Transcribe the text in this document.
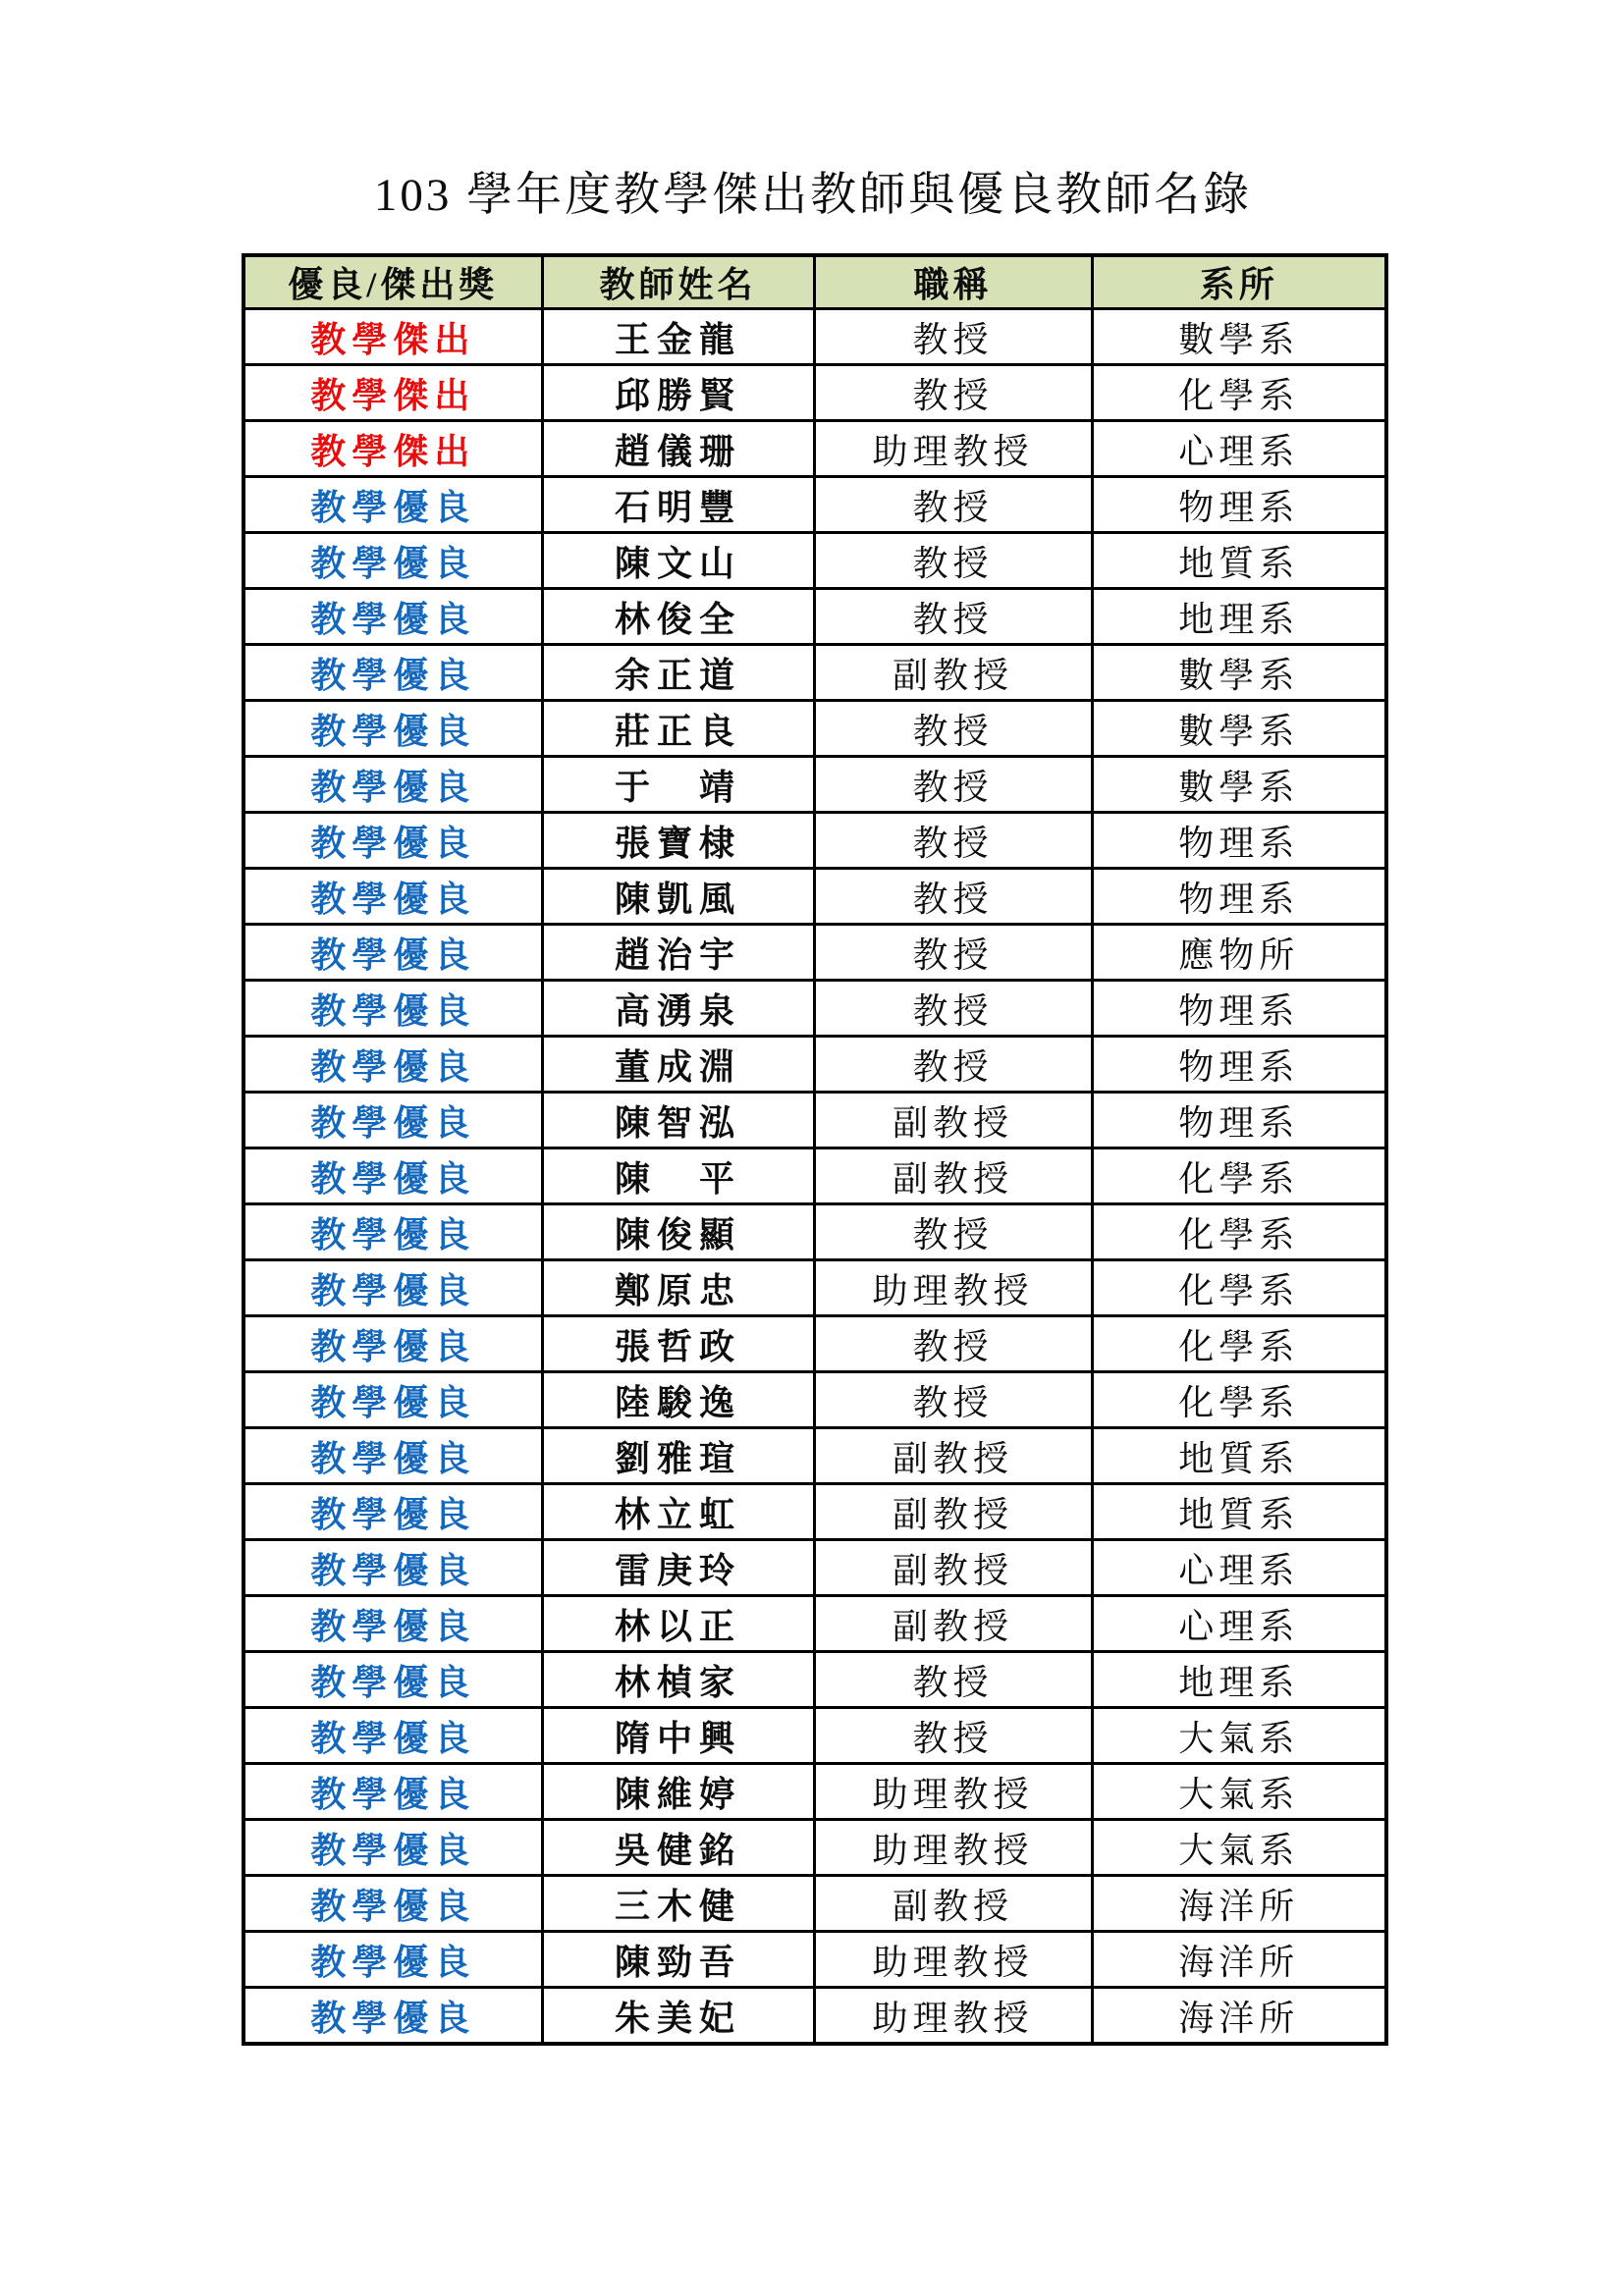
103 學年度教學傑出教師與優良教師名錄
優良/傑出獎	教師姓名	職稱	系所
教學傑出	王金龍	教授	數學系
教學傑出	邱勝賢	教授	化學系
教學傑出	趙儀珊	助理教授	心理系
教學優良	石明豐	教授	物理系
教學優良	陳文山	教授	地質系
教學優良	林俊全	教授	地理系
教學優良	余正道	副教授	數學系
教學優良	莊正良	教授	數學系
教學優良	于　靖	教授	數學系
教學優良	張寶棣	教授	物理系
教學優良	陳凱風	教授	物理系
教學優良	趙治宇	教授	應物所
教學優良	高湧泉	教授	物理系
教學優良	董成淵	教授	物理系
教學優良	陳智泓	副教授	物理系
教學優良	陳　平	副教授	化學系
教學優良	陳俊顯	教授	化學系
教學優良	鄭原忠	助理教授	化學系
教學優良	張哲政	教授	化學系
教學優良	陸駿逸	教授	化學系
教學優良	劉雅瑄	副教授	地質系
教學優良	林立虹	副教授	地質系
教學優良	雷庚玲	副教授	心理系
教學優良	林以正	副教授	心理系
教學優良	林楨家	教授	地理系
教學優良	隋中興	教授	大氣系
教學優良	陳維婷	助理教授	大氣系
教學優良	吳健銘	助理教授	大氣系
教學優良	三木健	副教授	海洋所
教學優良	陳勁吾	助理教授	海洋所
教學優良	朱美妃	助理教授	海洋所
